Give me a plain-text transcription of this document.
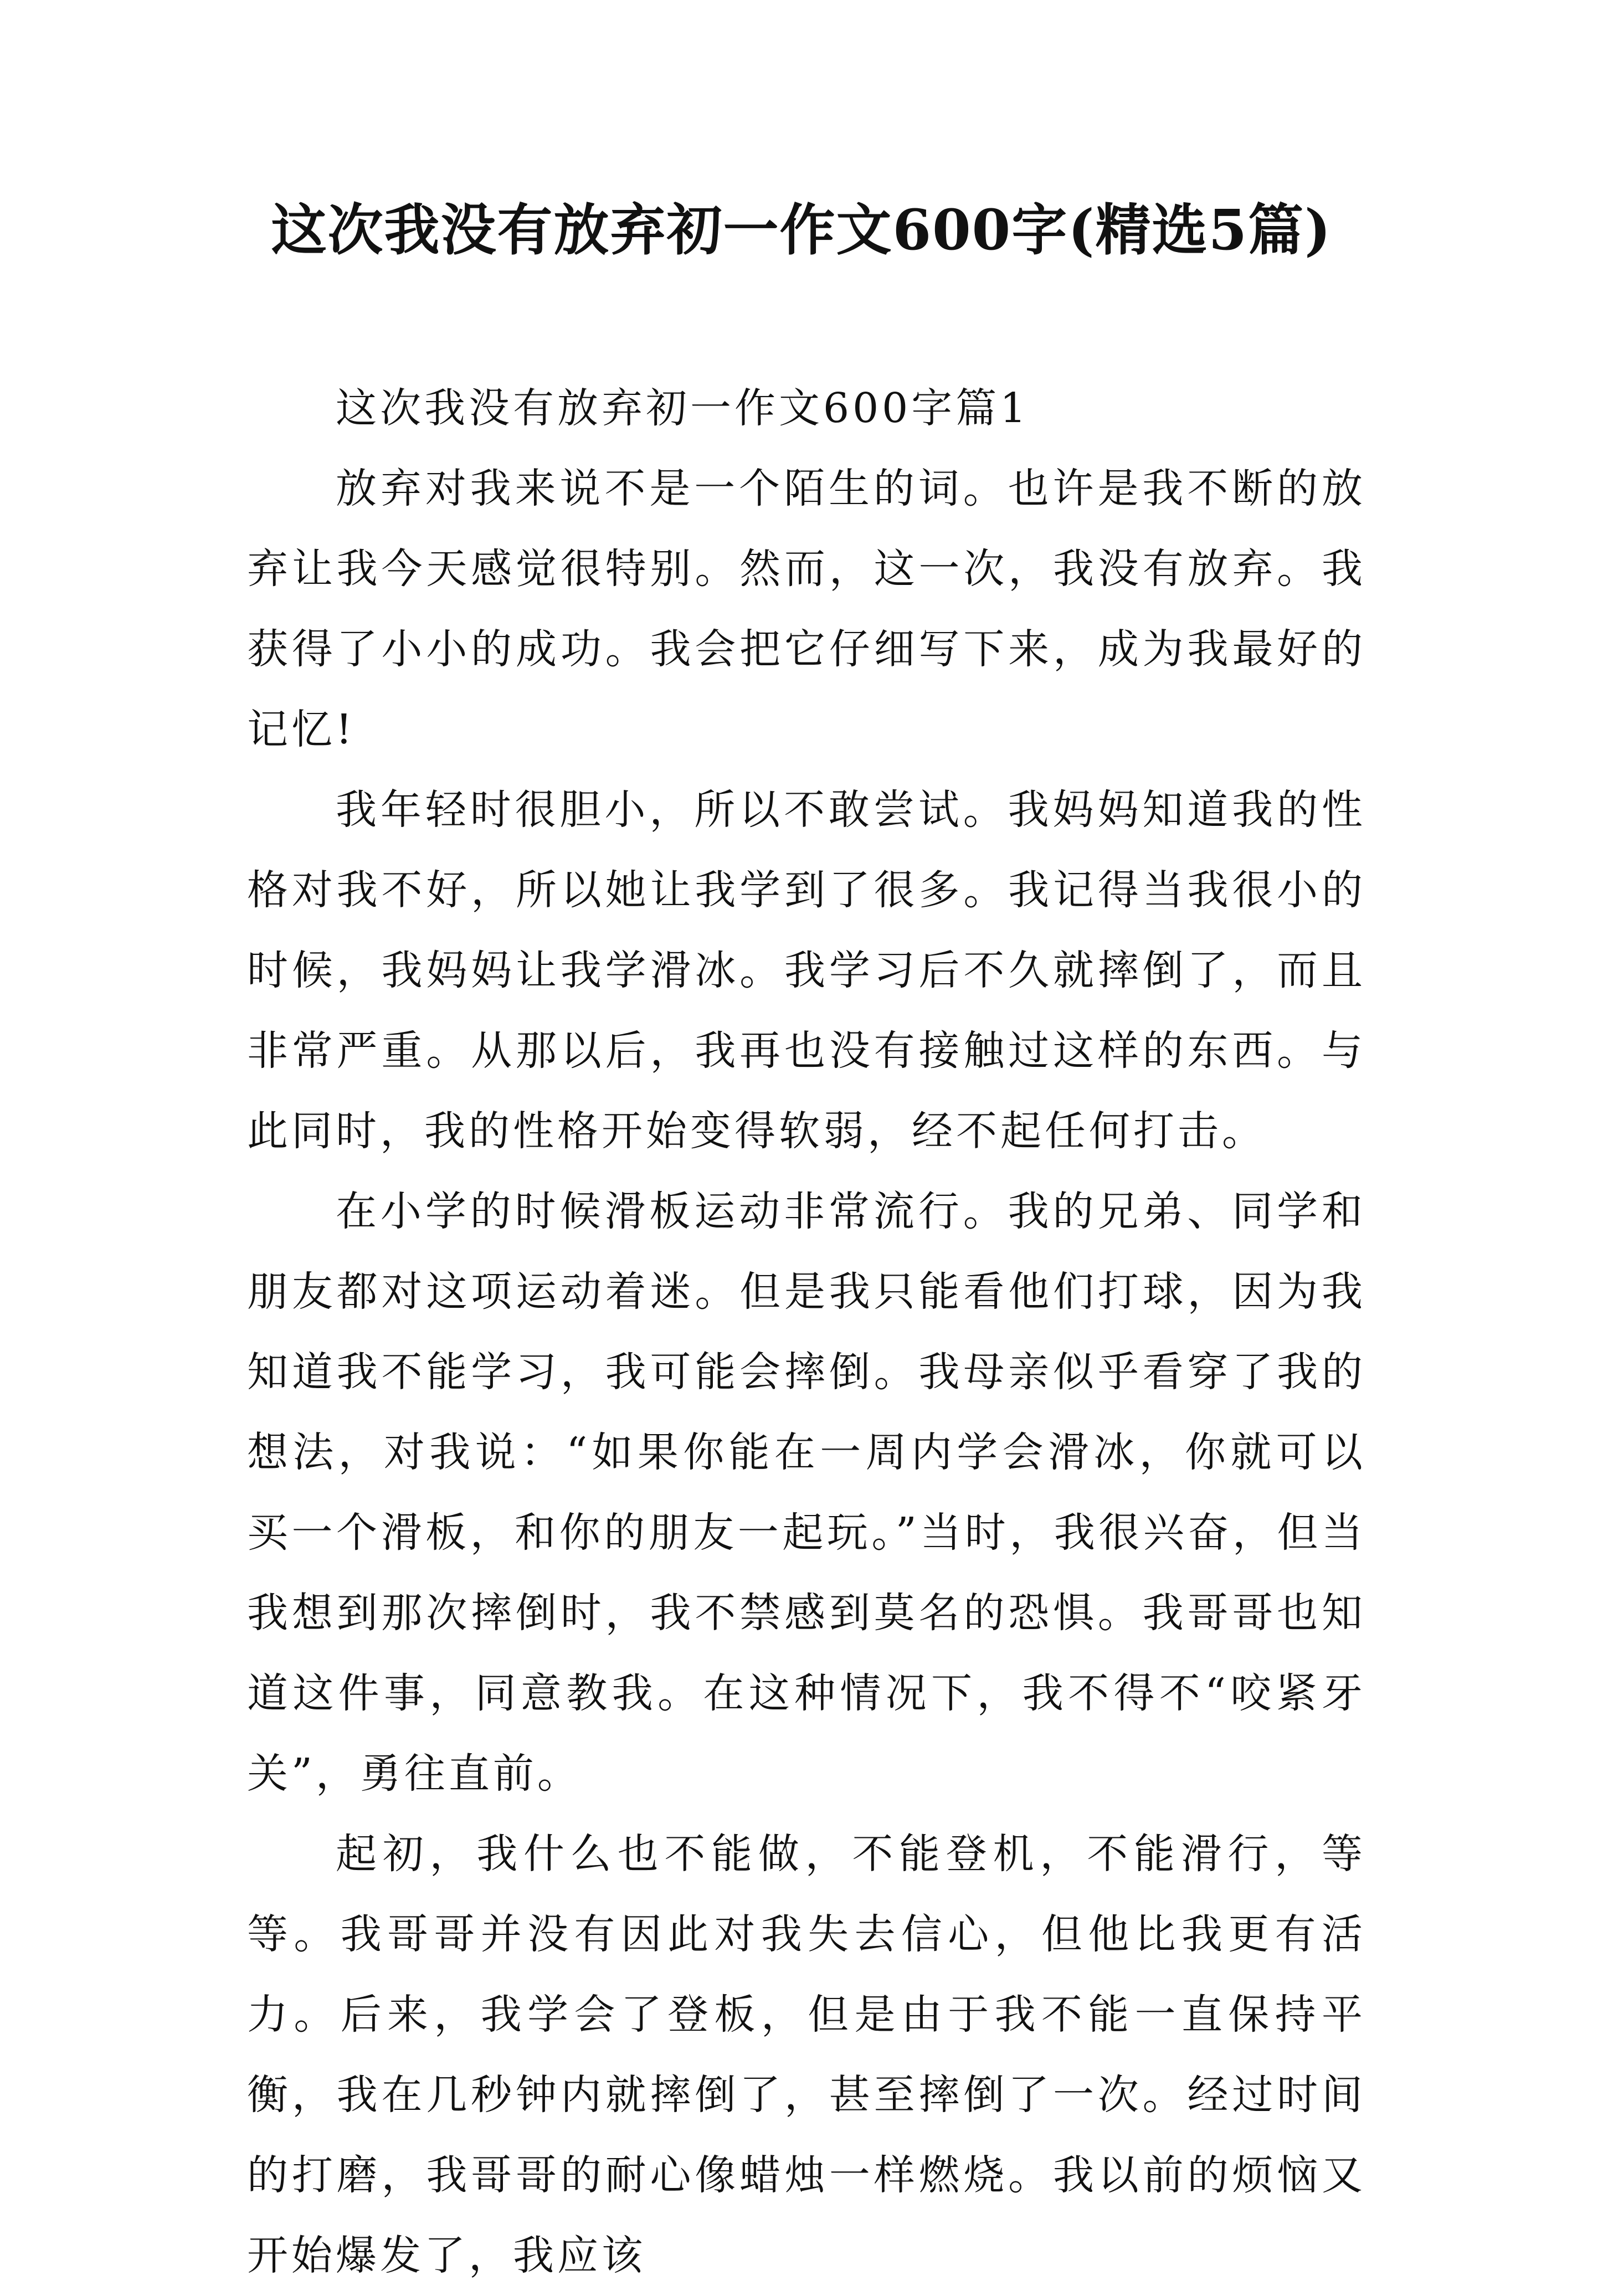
这次我没有放弃初一作文600字(精选5篇)

这次我没有放弃初一作文600字篇1

放弃对我来说不是一个陌生的词。也许是我不断的放弃让我今天感觉很特别。然而，这一次，我没有放弃。我获得了小小的成功。我会把它仔细写下来，成为我最好的记忆!

我年轻时很胆小，所以不敢尝试。我妈妈知道我的性格对我不好，所以她让我学到了很多。我记得当我很小的时候，我妈妈让我学滑冰。我学习后不久就摔倒了，而且非常严重。从那以后，我再也没有接触过这样的东西。与此同时，我的性格开始变得软弱，经不起任何打击。

在小学的时候滑板运动非常流行。我的兄弟、同学和朋友都对这项运动着迷。但是我只能看他们打球，因为我知道我不能学习，我可能会摔倒。我母亲似乎看穿了我的想法，对我说：“如果你能在一周内学会滑冰，你就可以买一个滑板，和你的朋友一起玩。”当时，我很兴奋，但当我想到那次摔倒时，我不禁感到莫名的恐惧。我哥哥也知道这件事，同意教我。在这种情况下，我不得不“咬紧牙关”，勇往直前。

起初，我什么也不能做，不能登机，不能滑行，等等。我哥哥并没有因此对我失去信心，但他比我更有活力。后来，我学会了登板，但是由于我不能一直保持平衡，我在几秒钟内就摔倒了，甚至摔倒了一次。经过时间的打磨，我哥哥的耐心像蜡烛一样燃烧。我以前的烦恼又开始爆发了，我应该
